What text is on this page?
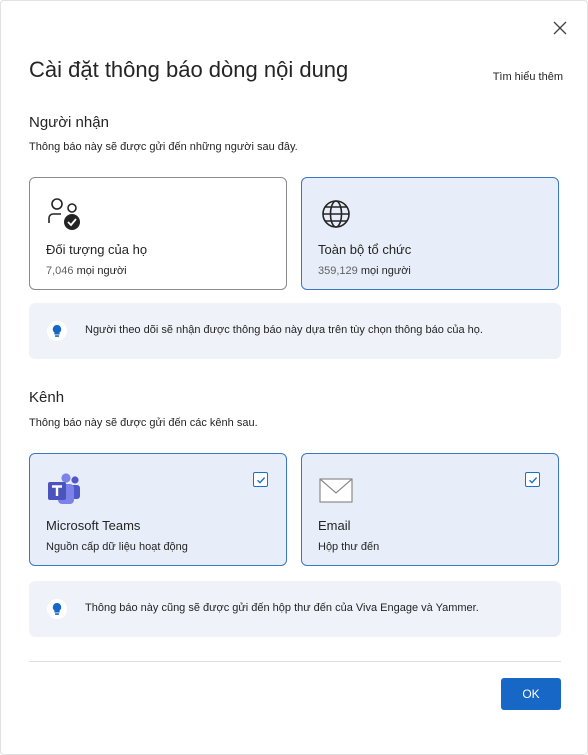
Cài đặt thông báo dòng nội dung	Tìm hiểu thêm
Người nhận
Thông báo này sẽ được gửi đến những người sau đây.
Đối tượng của họ
7,046 mọi người
Toàn bộ tổ chức
359,129 mọi người
Người theo dõi sẽ nhận được thông báo này dựa trên tùy chọn thông báo của họ.
Kênh
Thông báo này sẽ được gửi đến các kênh sau.
Microsoft Teams
Nguồn cấp dữ liệu hoạt động
Email
Hộp thư đến
Thông báo này cũng sẽ được gửi đến hộp thư đến của Viva Engage và Yammer.
OK
